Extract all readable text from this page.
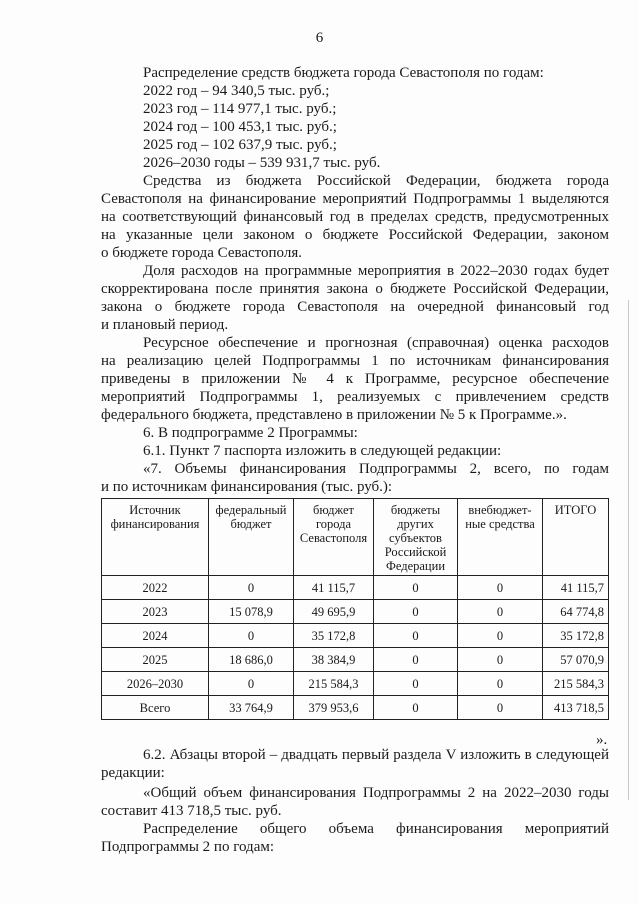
6
Распределение средств бюджета города Севастополя по годам:
2022 год – 94 340,5 тыс. руб.;
2023 год – 114 977,1 тыс. руб.;
2024 год – 100 453,1 тыс. руб.;
2025 год – 102 637,9 тыс. руб.;
2026–2030 годы – 539 931,7 тыс. руб.
Средства из бюджета Российской Федерации, бюджета города
Севастополя на финансирование мероприятий Подпрограммы 1 выделяются
на соответствующий финансовый год в пределах средств, предусмотренных
на указанные цели законом о бюджете Российской Федерации, законом
о бюджете города Севастополя.
Доля расходов на программные мероприятия в 2022–2030 годах будет
скорректирована после принятия закона о бюджете Российской Федерации,
закона о бюджете города Севастополя на очередной финансовый год
и плановый период.
Ресурсное обеспечение и прогнозная (справочная) оценка расходов
на реализацию целей Подпрограммы 1 по источникам финансирования
приведены в приложении № 4 к Программе, ресурсное обеспечение
мероприятий Подпрограммы 1, реализуемых с привлечением средств
федерального бюджета, представлено в приложении № 5 к Программе.».
6. В подпрограмме 2 Программы:
6.1. Пункт 7 паспорта изложить в следующей редакции:
«7. Объемы финансирования Подпрограммы 2, всего, по годам
и по источникам финансирования (тыс. руб.):
Источник финансирования	федеральный бюджет	бюджет города Севастополя	бюджеты других субъектов Российской Федерации	внебюджет-ные средства	ИТОГО
2022	0	41 115,7	0	0	41 115,7
2023	15 078,9	49 695,9	0	0	64 774,8
2024	0	35 172,8	0	0	35 172,8
2025	18 686,0	38 384,9	0	0	57 070,9
2026–2030	0	215 584,3	0	0	215 584,3
Всего	33 764,9	379 953,6	0	0	413 718,5
».
6.2. Абзацы второй – двадцать первый раздела V изложить в следующей
редакции:
«Общий объем финансирования Подпрограммы 2 на 2022–2030 годы
составит 413 718,5 тыс. руб.
Распределение общего объема финансирования мероприятий
Подпрограммы 2 по годам:
